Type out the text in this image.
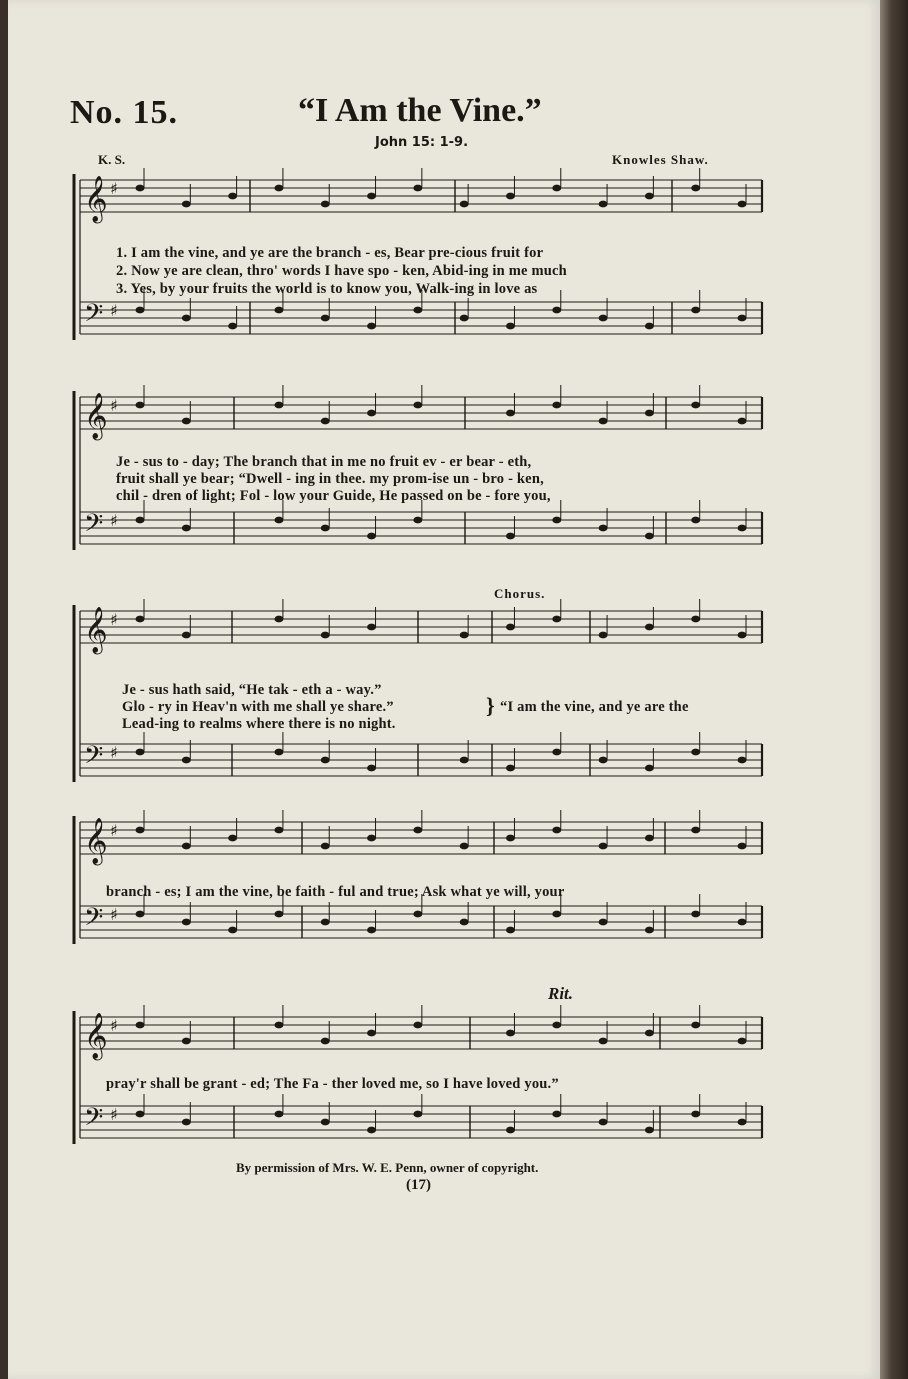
No. 15.	“I Am the Vine.”
John 15: 1-9.
K. S.	Knowles Shaw.
𝄞 ♯
𝄢 ♯
𝄞 ♯
𝄢 ♯
𝄞 ♯
𝄢 ♯
𝄞 ♯
𝄢 ♯
𝄞 ♯
𝄢 ♯
1. I am the vine, and ye are the branch - es, Bear pre-cious fruit for
2. Now ye are clean, thro' words I have spo - ken, Abid-ing in me much
3. Yes, by your fruits the world is to know you, Walk-ing in love as
Je - sus to - day; The branch that in me no fruit ev - er bear - eth,
fruit shall ye bear; “Dwell - ing in thee. my prom-ise un - bro - ken,
chil - dren of light; Fol - low your Guide, He passed on be - fore you,
Chorus.
Je - sus hath said, “He tak - eth a - way.”
Glo - ry in Heav'n with me shall ye share.”
Lead-ing to realms where there is no night.
} “I am the vine, and ye are the
branch - es; I am the vine, be faith - ful and true; Ask what ye will, your
Rit.
pray'r shall be grant - ed; The Fa - ther loved me, so I have loved you.”
By permission of Mrs. W. E. Penn, owner of copyright.
(17)
